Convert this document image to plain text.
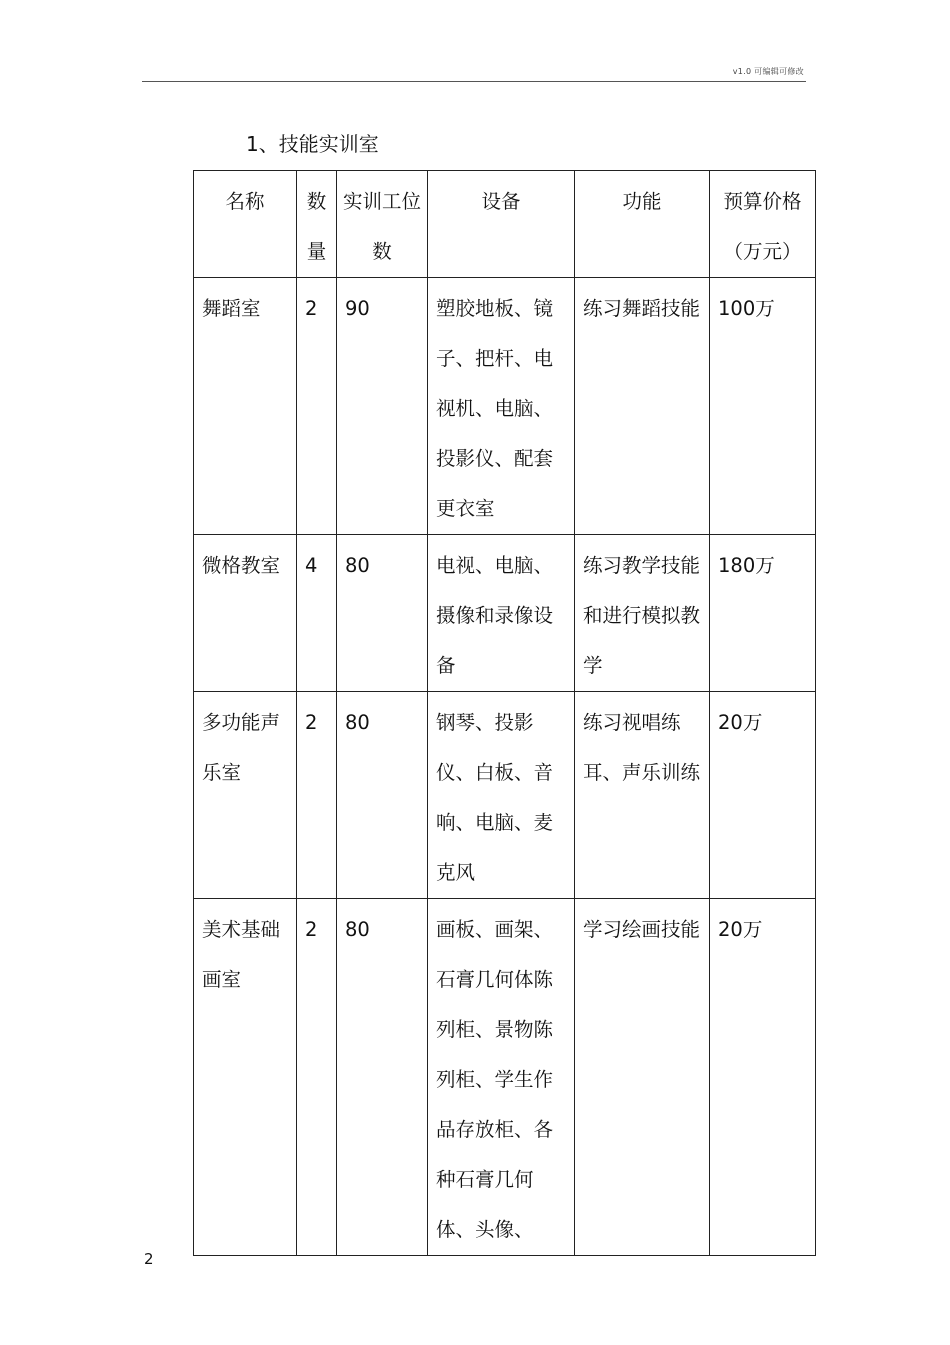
v1.0 可编辑可修改
1、技能实训室
名称	数量	实训工位数	设备	功能	预算价格（万元）
舞蹈室	2	90	塑胶地板、镜子、把杆、电视机、电脑、投影仪、配套更衣室	练习舞蹈技能	100万
微格教室	4	80	电视、电脑、摄像和录像设备	练习教学技能和进行模拟教学	180万
多功能声乐室	2	80	钢琴、投影仪、白板、音响、电脑、麦克风	练习视唱练耳、声乐训练	20万
美术基础画室	2	80	画板、画架、石膏几何体陈列柜、景物陈列柜、学生作品存放柜、各种石膏几何体、头像、	学习绘画技能	20万
2
